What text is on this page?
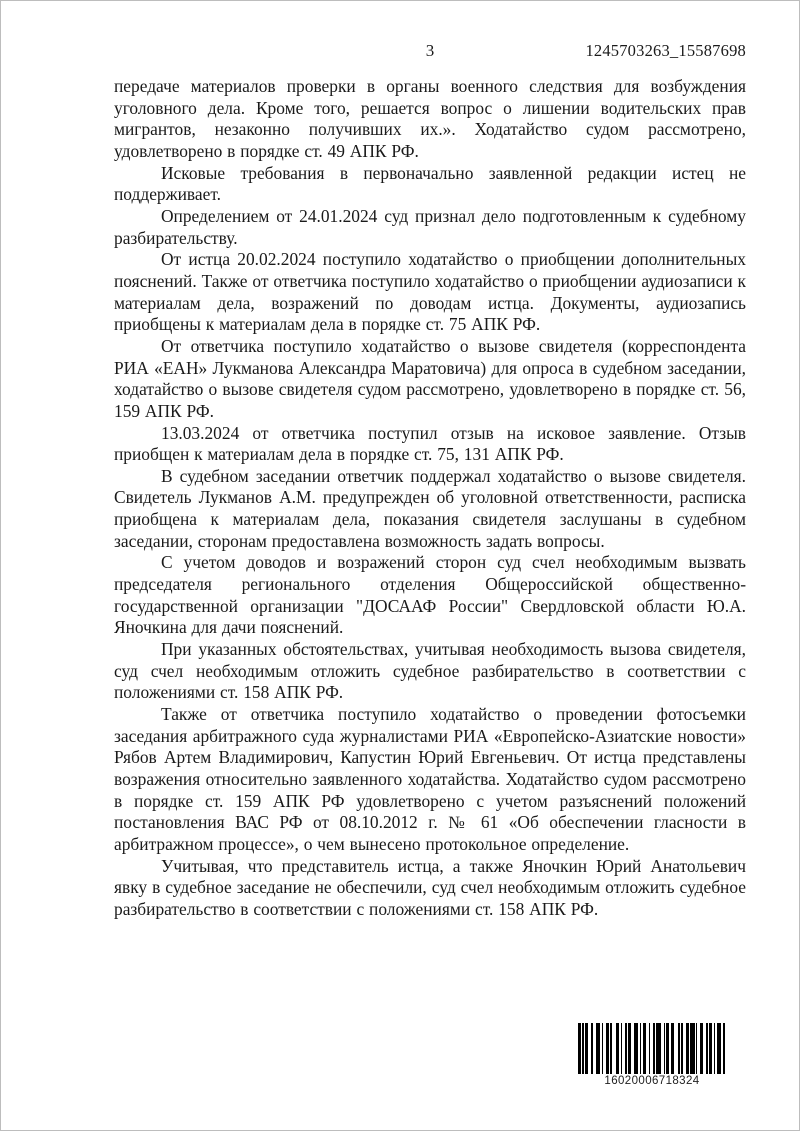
3	1245703263_15587698

передаче материалов проверки в органы военного следствия для возбуждения уголовного дела. Кроме того, решается вопрос о лишении водительских прав мигрантов, незаконно получивших их.». Ходатайство судом рассмотрено, удовлетворено в порядке ст. 49 АПК РФ.

Исковые требования в первоначально заявленной редакции истец не поддерживает.

Определением от 24.01.2024 суд признал дело подготовленным к судебному разбирательству.

От истца 20.02.2024 поступило ходатайство о приобщении дополнительных пояснений. Также от ответчика поступило ходатайство о приобщении аудиозаписи к материалам дела, возражений по доводам истца. Документы, аудиозапись приобщены к материалам дела в порядке ст. 75 АПК РФ.

От ответчика поступило ходатайство о вызове свидетеля (корреспондента РИА «ЕАН» Лукманова Александра Маратовича) для опроса в судебном заседании, ходатайство о вызове свидетеля судом рассмотрено, удовлетворено в порядке ст. 56, 159 АПК РФ.

13.03.2024 от ответчика поступил отзыв на исковое заявление. Отзыв приобщен к материалам дела в порядке ст. 75, 131 АПК РФ.

В судебном заседании ответчик поддержал ходатайство о вызове свидетеля. Свидетель Лукманов А.М. предупрежден об уголовной ответственности, расписка приобщена к материалам дела, показания свидетеля заслушаны в судебном заседании, сторонам предоставлена возможность задать вопросы.

С учетом доводов и возражений сторон суд счел необходимым вызвать председателя регионального отделения Общероссийской общественно-государственной организации "ДОСААФ России" Свердловской области Ю.А. Яночкина для дачи пояснений.

При указанных обстоятельствах, учитывая необходимость вызова свидетеля, суд счел необходимым отложить судебное разбирательство в соответствии с положениями ст. 158 АПК РФ.

Также от ответчика поступило ходатайство о проведении фотосъемки заседания арбитражного суда журналистами РИА «Европейско-Азиатские новости» Рябов Артем Владимирович, Капустин Юрий Евгеньевич. От истца представлены возражения относительно заявленного ходатайства. Ходатайство судом рассмотрено в порядке ст. 159 АПК РФ удовлетворено с учетом разъяснений положений постановления ВАС РФ от 08.10.2012 г. № 61 «Об обеспечении гласности в арбитражном процессе», о чем вынесено протокольное определение.

Учитывая, что представитель истца, а также Яночкин Юрий Анатольевич явку в судебное заседание не обеспечили, суд счел необходимым отложить судебное разбирательство в соответствии с положениями ст. 158 АПК РФ.

16020006718324
